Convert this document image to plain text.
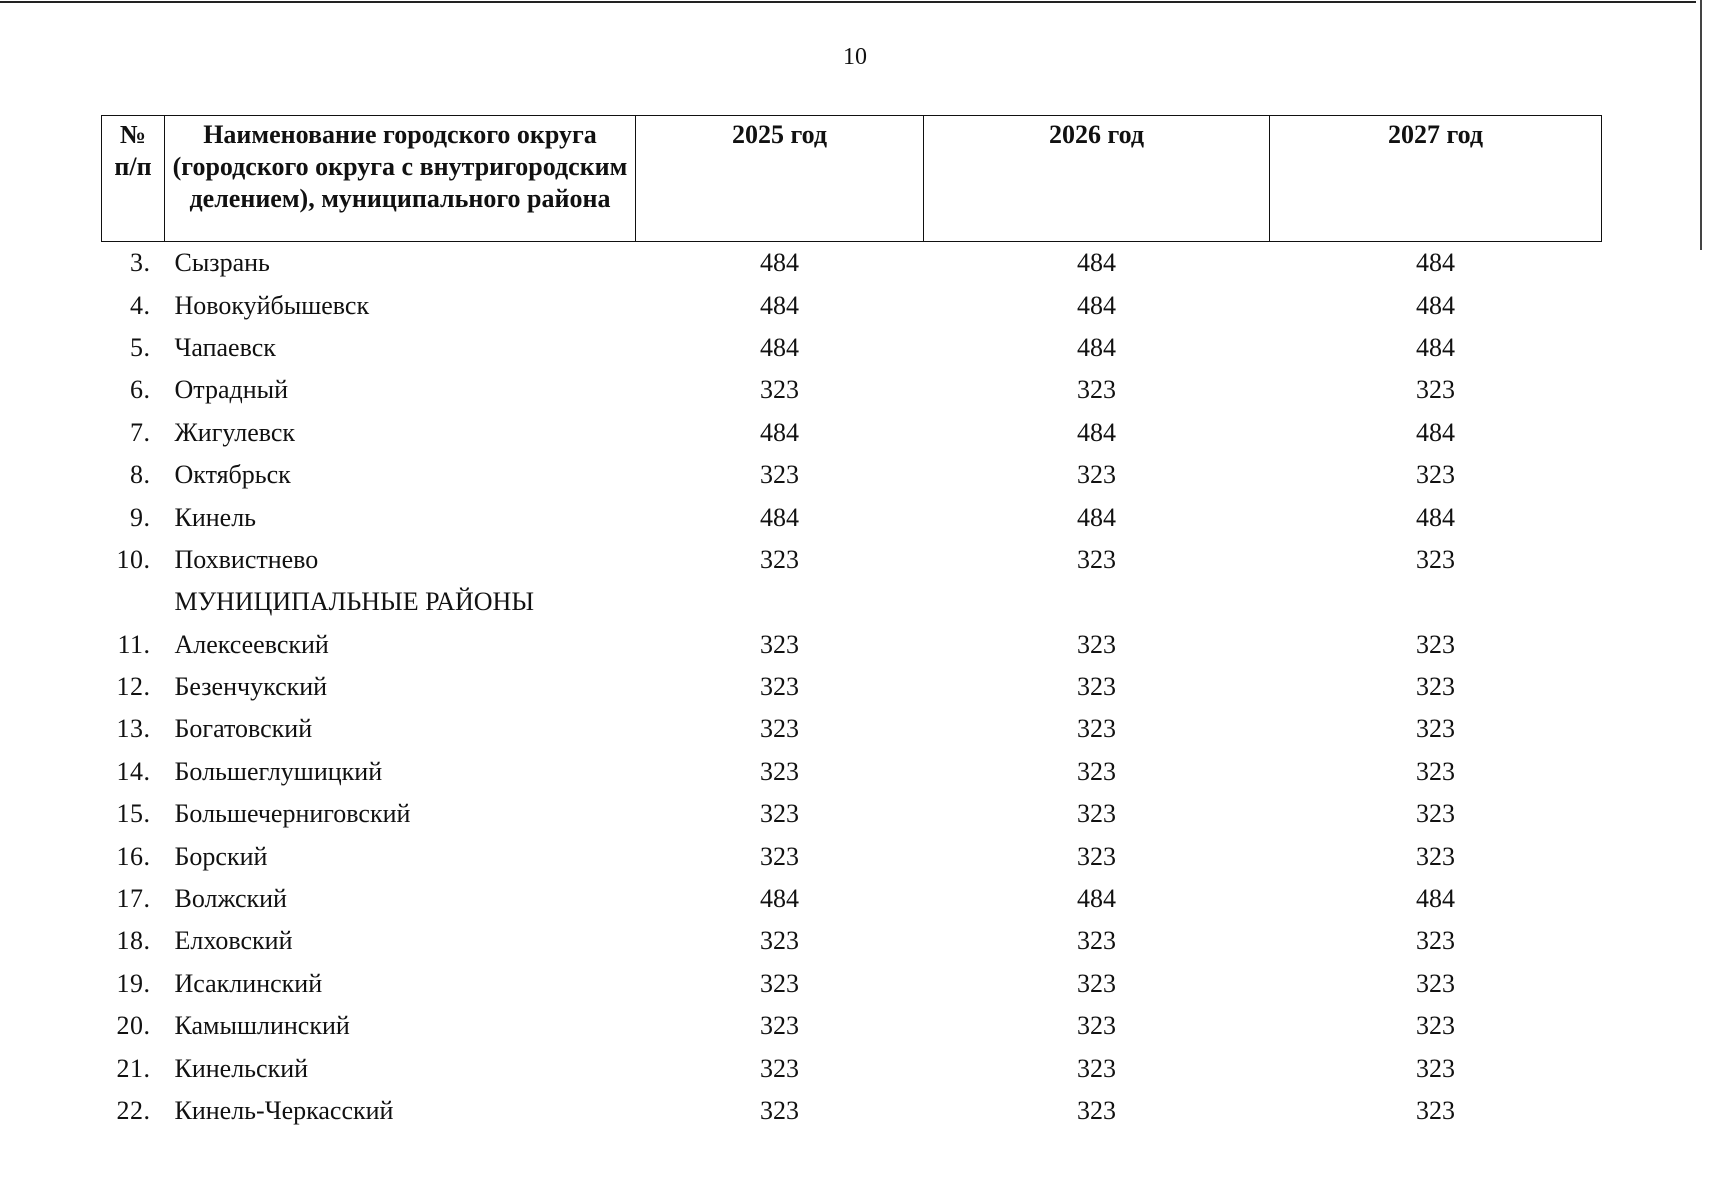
10
№ п/п	Наименование городского округа (городского округа с внутригородским делением), муниципального района	2025 год	2026 год	2027 год
3.	Сызрань	484	484	484
4.	Новокуйбышевск	484	484	484
5.	Чапаевск	484	484	484
6.	Отрадный	323	323	323
7.	Жигулевск	484	484	484
8.	Октябрьск	323	323	323
9.	Кинель	484	484	484
10.	Похвистнево	323	323	323
	МУНИЦИПАЛЬНЫЕ РАЙОНЫ			
11.	Алексеевский	323	323	323
12.	Безенчукский	323	323	323
13.	Богатовский	323	323	323
14.	Большеглушицкий	323	323	323
15.	Большечерниговский	323	323	323
16.	Борский	323	323	323
17.	Волжский	484	484	484
18.	Елховский	323	323	323
19.	Исаклинский	323	323	323
20.	Камышлинский	323	323	323
21.	Кинельский	323	323	323
22.	Кинель-Черкасский	323	323	323
